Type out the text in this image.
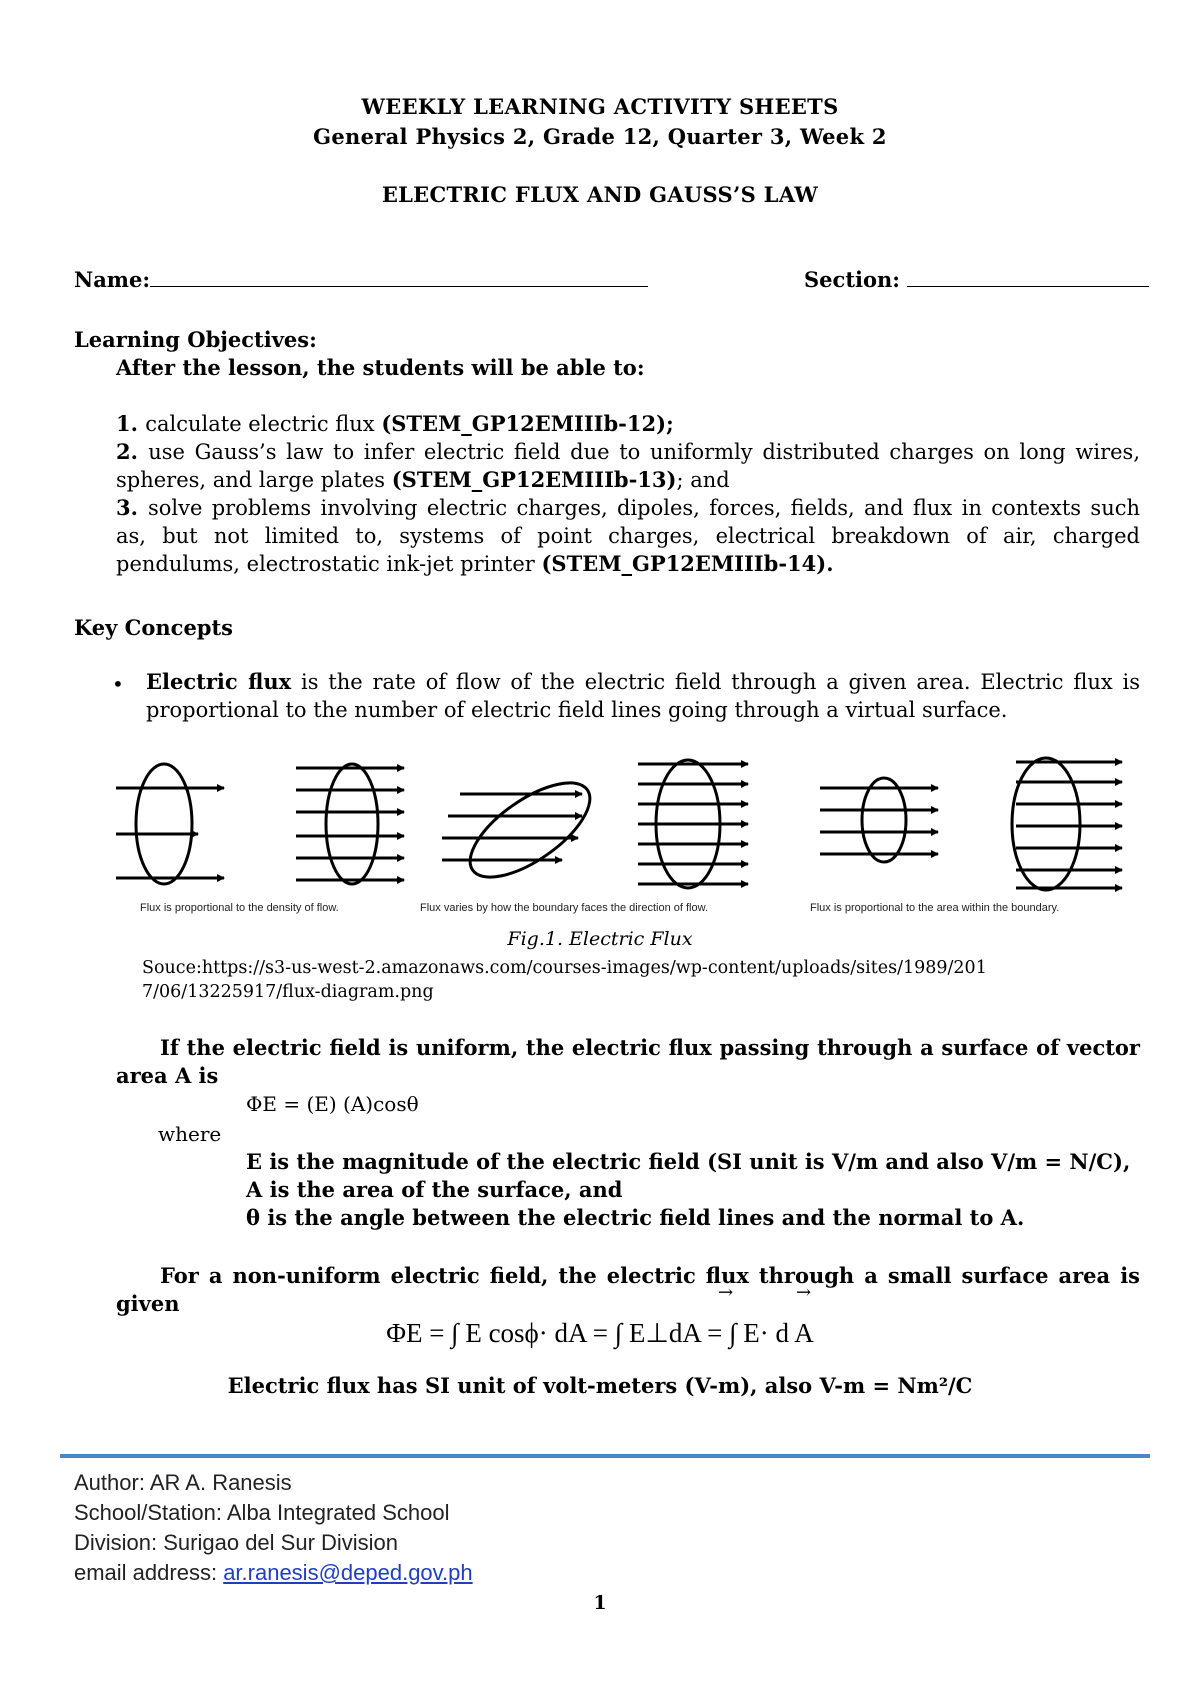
WEEKLY LEARNING ACTIVITY SHEETS
General Physics 2, Grade 12, Quarter 3, Week 2
ELECTRIC FLUX AND GAUSS’S LAW
Name:	Section:
Learning Objectives:
After the lesson, the students will be able to:
1. calculate electric flux (STEM_GP12EMIIIb-12);
2. use Gauss’s law to infer electric field due to uniformly distributed charges on long wires, spheres, and large plates (STEM_GP12EMIIIb-13); and
3. solve problems involving electric charges, dipoles, forces, fields, and flux in contexts such as, but not limited to, systems of point charges, electrical breakdown of air, charged pendulums, electrostatic ink-jet printer (STEM_GP12EMIIIb-14).
Key Concepts
• Electric flux is the rate of flow of the electric field through a given area. Electric flux is proportional to the number of electric field lines going through a virtual surface.
Flux is proportional to the density of flow.	Flux varies by how the boundary faces the direction of flow.	Flux is proportional to the area within the boundary.
Fig.1. Electric Flux
Souce:https://s3-us-west-2.amazonaws.com/courses-images/wp-content/uploads/sites/1989/201
7/06/13225917/flux-diagram.png
If the electric field is uniform, the electric flux passing through a surface of vector area A is
ΦE = (E) (A)cosθ
where
E is the magnitude of the electric field (SI unit is V/m and also V/m = N/C),
A is the area of the surface, and
θ is the angle between the electric field lines and the normal to A.
For a non-uniform electric field, the electric flux through a small surface area is given	→	→
ΦE = ∫ E cosϕ· dA = ∫ E⊥dA = ∫ E· d A
Electric flux has SI unit of volt-meters (V-m), also V-m = Nm²/C
Author: AR A. Ranesis
School/Station: Alba Integrated School
Division: Surigao del Sur Division
email address: ar.ranesis@deped.gov.ph
1
